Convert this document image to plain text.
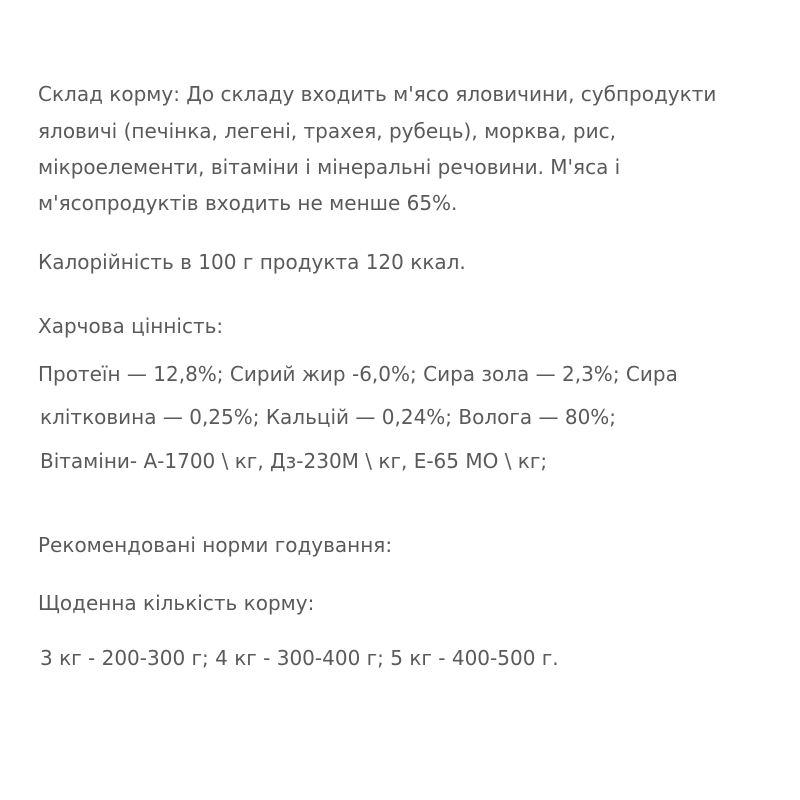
Склад корму: До складу входить м'ясо яловичини, субпродукти
яловичі (печінка, легені, трахея, рубець), морква, рис,
мікроелементи, вітаміни і мінеральні речовини. М'яса і
м'ясопродуктів входить не менше 65%.
Калорійність в 100 г продукта 120 ккал.
Харчова цінність:
Протеїн — 12,8%; Сирий жир -6,0%; Сира зола — 2,3%; Сира
клітковина — 0,25%; Кальцій — 0,24%; Волога — 80%;
Вітаміни- А-1700 \ кг, Дз-230М \ кг, Е-65 МО \ кг;
Рекомендовані норми годування:
Щоденна кількість корму:
3 кг - 200-300 г; 4 кг - 300-400 г; 5 кг - 400-500 г.
